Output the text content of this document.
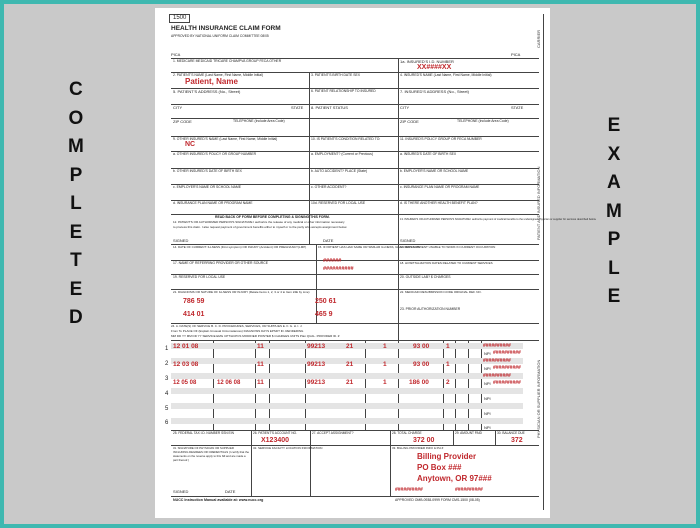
C
O
M
P
L
E
T
E
D
E
X
A
M
P
L
E
1500
HEALTH INSURANCE CLAIM FORM
APPROVED BY NATIONAL UNIFORM CLAIM COMMITTEE 08/05
PICA	PICA
CARRIER
PATIENT AND INSURED INFORMATION
PHYSICIAN OR SUPPLIER INFORMATION
1
2
3
4
5
6
NPI
NPI
NPI
NPI
NPI
NPI
1. MEDICARE MEDICAID TRICARE CHAMPVA GROUP FECA OTHER	1a. INSURED'S I.D. NUMBER
2. PATIENT'S NAME (Last Name, First Name, Middle Initial)	3. PATIENT'S BIRTH DATE SEX	4. INSURED'S NAME (Last Name, First Name, Middle Initial)
5. PATIENT'S ADDRESS (No., Street)	6. PATIENT RELATIONSHIP TO INSURED	7. INSURED'S ADDRESS (No., Street)
CITY	STATE 8. PATIENT STATUS	CITY	STATE
ZIP CODE	TELEPHONE (Include Area Code)	ZIP CODE	TELEPHONE (Include Area Code)
9. OTHER INSURED'S NAME (Last Name, First Name, Middle Initial)	10. IS PATIENT'S CONDITION RELATED TO:	11. INSURED'S POLICY GROUP OR FECA NUMBER
a. OTHER INSURED'S POLICY OR GROUP NUMBER	a. EMPLOYMENT? (Current or Previous)	a. INSURED'S DATE OF BIRTH SEX
b. OTHER INSURED'S DATE OF BIRTH SEX	b. AUTO ACCIDENT? PLACE (State)	b. EMPLOYER'S NAME OR SCHOOL NAME
c. EMPLOYER'S NAME OR SCHOOL NAME	c. OTHER ACCIDENT?	c. INSURANCE PLAN NAME OR PROGRAM NAME
d. INSURANCE PLAN NAME OR PROGRAM NAME	10d. RESERVED FOR LOCAL USE	d. IS THERE ANOTHER HEALTH BENEFIT PLAN?
READ BACK OF FORM BEFORE COMPLETING & SIGNING THIS FORM.
12. PATIENT'S OR AUTHORIZED PERSON'S SIGNATURE I authorize the release of any medical or other information necessary
to process this claim. I also request payment of government benefits either to myself or to the party who accepts assignment below.
13. INSURED'S OR AUTHORIZED PERSON'S SIGNATURE I authorize payment of medical benefits to the undersigned physician or supplier for services described below.
SIGNED	DATE	SIGNED
14. DATE OF CURRENT: ILLNESS (First symptom) OR INJURY (Accident) OR PREGNANCY(LMP)	15. IF PATIENT HAS HAD SAME OR SIMILAR ILLNESS, GIVE FIRST DATE
16. DATES PATIENT UNABLE TO WORK IN CURRENT OCCUPATION
17. NAME OF REFERRING PROVIDER OR OTHER SOURCE	18. HOSPITALIZATION DATES RELATED TO CURRENT SERVICES
19. RESERVED FOR LOCAL USE	20. OUTSIDE LAB? $ CHARGES
21. DIAGNOSIS OR NATURE OF ILLNESS OR INJURY (Relate Items 1, 2, 3 or 4 to Item 24E by Line)	22. MEDICAID RESUBMISSION CODE ORIGINAL REF. NO.
23. PRIOR AUTHORIZATION NUMBER
24. A. DATE(S) OF SERVICE B. C. D. PROCEDURES, SERVICES, OR SUPPLIES E. F. G. H. I. J.
From To PLACE OF (Explain Unusual Circumstances) DIAGNOSIS DAYS EPSDT ID. RENDERING
MM DD YY MM DD YY SERVICE EMG CPT/HCPCS MODIFIER POINTER $ CHARGES UNITS Plan QUAL. PROVIDER ID. #
25. FEDERAL TAX I.D. NUMBER SSN EIN	26. PATIENT'S ACCOUNT NO.	27. ACCEPT ASSIGNMENT?	28. TOTAL CHARGE	29. AMOUNT PAID	30. BALANCE DUE
31. SIGNATURE OF PHYSICIAN OR SUPPLIER INCLUDING DEGREES OR CREDENTIALS (I certify that the statements on the reverse apply to this bill and are made a part thereof.)
32. SERVICE FACILITY LOCATION INFORMATION	33. BILLING PROVIDER INFO & PH #
SIGNED	DATE
NUCC Instruction Manual available at: www.nucc.org	APPROVED OMB-0938-0999 FORM CMS-1500 (08-05)
XX####XX
Patient, Name
NC
######
##########
786 59
414 01
250 61
465 9
12 01 08	11	99213	21	1	93 00	1	##########
##########
12 03 08	11	99213	21	1	93 00	1	##########
##########
12 05 08	12 06 08	11	99213	21	1	186 00	2
##########
##########
X123400	372 00	372
Billing Provider
PO Box ###
Anytown, OR 97###
##########	##########
